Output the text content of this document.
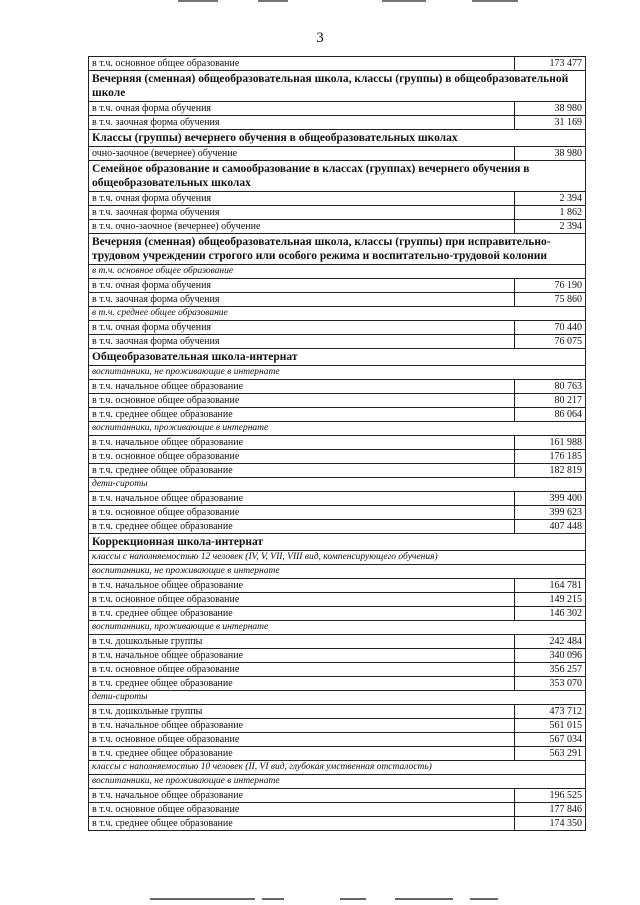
3
в т.ч. основное общее образование	173 477
Вечерняя (сменная) общеобразовательная школа, классы (группы) в общеобразовательной школе	
в т.ч. очная форма обучения	38 980
в т.ч. заочная форма обучения	31 169
Классы (группы) вечернего обучения в общеобразовательных школах	
очно-заочное (вечернее) обучение	38 980
Семейное образование и самообразование в классах (группах) вечернего обучения в общеобразовательных школах	
в т.ч. очная форма обучения	2 394
в т.ч. заочная форма обучения	1 862
в т.ч. очно-заочное (вечернее) обучение	2 394
Вечерняя (сменная) общеобразовательная школа, классы (группы) при исправительно-трудовом учреждении строгого или особого режима и воспитательно-трудовой колонии	
в т.ч. основное общее образование	
в т.ч. очная форма обучения	76 190
в т.ч. заочная форма обучения	75 860
в т.ч. среднее общее образование	
в т.ч. очная форма обучения	70 440
в т.ч. заочная форма обучения	76 075
Общеобразовательная школа-интернат	
воспитанники, не проживающие в интернате	
в т.ч. начальное общее образование	80 763
в т.ч. основное общее образование	80 217
в т.ч. среднее общее образование	86 064
воспитанники, проживающие в интернате	
в т.ч. начальное общее образование	161 988
в т.ч. основное общее образование	176 185
в т.ч. среднее общее образование	182 819
дети-сироты	
в т.ч. начальное общее образование	399 400
в т.ч. основное общее образование	399 623
в т.ч. среднее общее образование	407 448
Коррекционная школа-интернат	
классы с наполняемостью 12 человек (IV, V, VII, VIII вид, компенсирующего обучения)	
воспитанники, не проживающие в интернате	
в т.ч. начальное общее образование	164 781
в т.ч. основное общее образование	149 215
в т.ч. среднее общее образование	146 302
воспитанники, проживающие в интернате	
в т.ч. дошкольные группы	242 484
в т.ч. начальное общее образование	340 096
в т.ч. основное общее образование	356 257
в т.ч. среднее общее образование	353 070
дети-сироты	
в т.ч. дошкольные группы	473 712
в т.ч. начальное общее образование	561 015
в т.ч. основное общее образование	567 034
в т.ч. среднее общее образование	563 291
классы с наполняемостью 10 человек (II, VI вид, глубокая умственная отсталость)	
воспитанники, не проживающие в интернате	
в т.ч. начальное общее образование	196 525
в т.ч. основное общее образование	177 846
в т.ч. среднее общее образование	174 350
